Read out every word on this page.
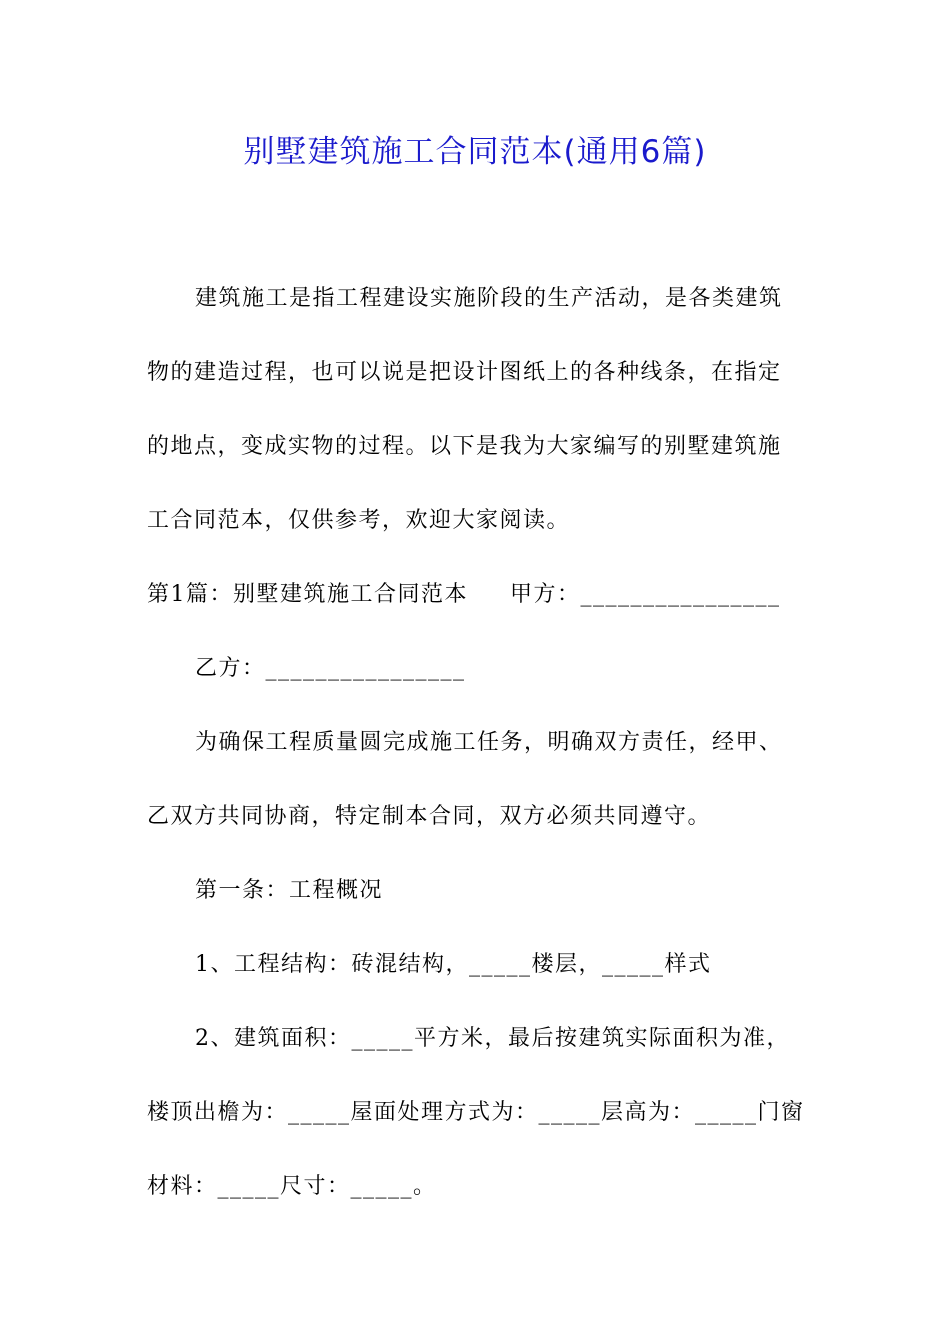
别墅建筑施工合同范本(通用6篇)

建筑施工是指工程建设实施阶段的生产活动，是各类建筑

物的建造过程，也可以说是把设计图纸上的各种线条，在指定

的地点，变成实物的过程。以下是我为大家编写的别墅建筑施

工合同范本，仅供参考，欢迎大家阅读。

第1篇：别墅建筑施工合同范本 甲方：________________

乙方：________________

为确保工程质量圆完成施工任务，明确双方责任，经甲、

乙双方共同协商，特定制本合同，双方必须共同遵守。

第一条：工程概况

1、工程结构：砖混结构，_____楼层，_____样式

2、建筑面积：_____平方米，最后按建筑实际面积为准，

楼顶出檐为：_____屋面处理方式为：_____层高为：_____门窗

材料：_____尺寸：_____。
